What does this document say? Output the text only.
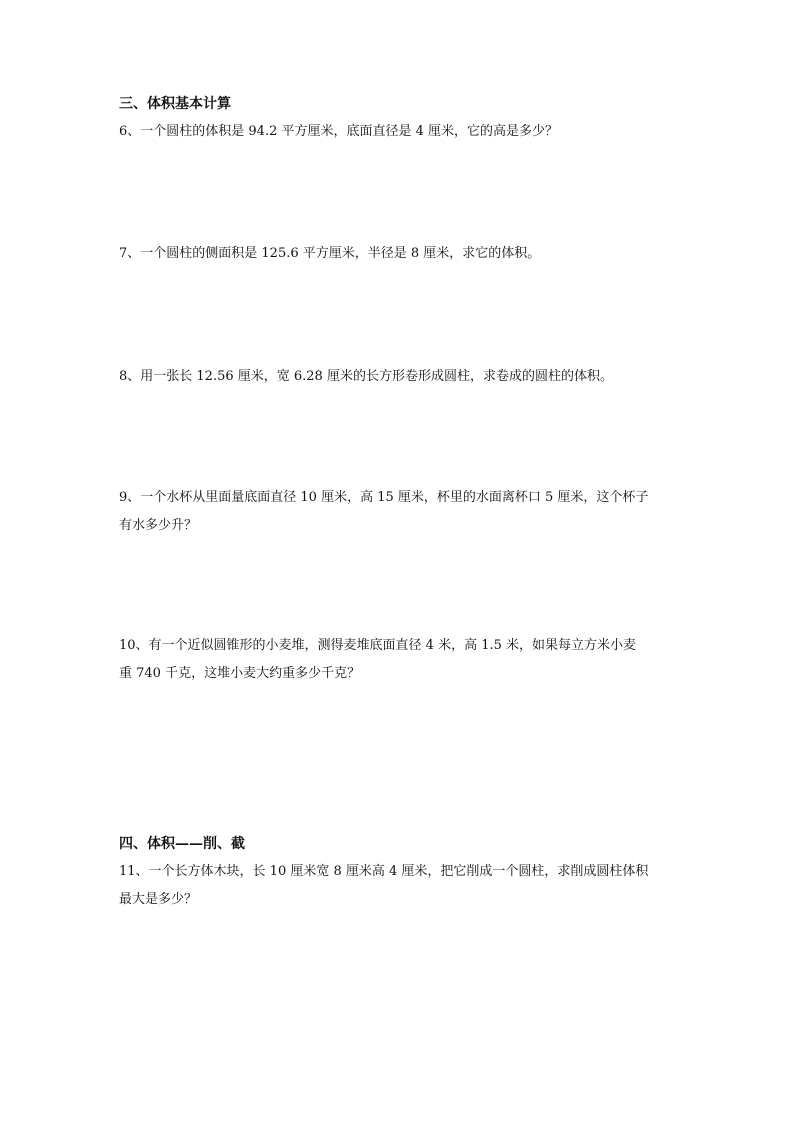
三、体积基本计算
6、一个圆柱的体积是 94.2 平方厘米，底面直径是 4 厘米，它的高是多少？
7、一个圆柱的侧面积是 125.6 平方厘米，半径是 8 厘米，求它的体积。
8、用一张长 12.56 厘米，宽 6.28 厘米的长方形卷形成圆柱，求卷成的圆柱的体积。
9、一个水杯从里面量底面直径 10 厘米，高 15 厘米，杯里的水面离杯口 5 厘米，这个杯子
有水多少升？
10、有一个近似圆锥形的小麦堆，测得麦堆底面直径 4 米，高 1.5 米，如果每立方米小麦
重 740 千克，这堆小麦大约重多少千克？
四、体积——削、截
11、一个长方体木块，长 10 厘米宽 8 厘米高 4 厘米，把它削成一个圆柱，求削成圆柱体积
最大是多少？
